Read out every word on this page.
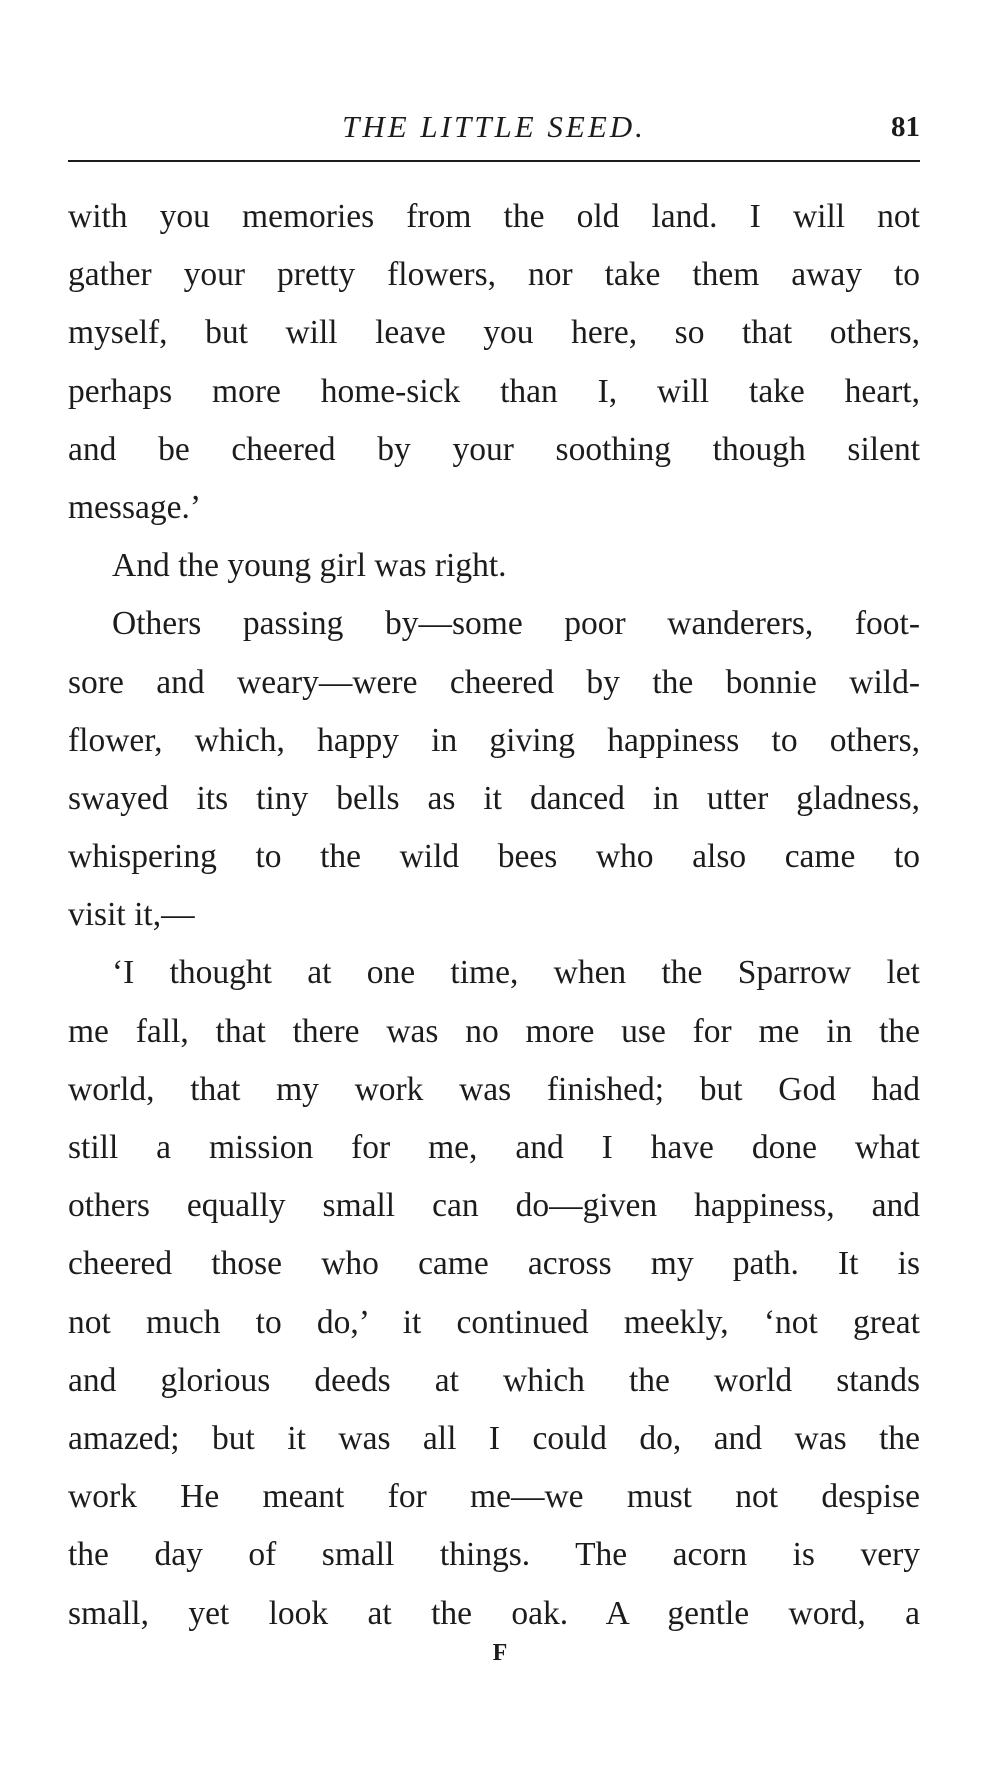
THE LITTLE SEED.	81
with you memories from the old land. I will not
gather your pretty flowers, nor take them away to
myself, but will leave you here, so that others,
perhaps more home-sick than I, will take heart,
and be cheered by your soothing though silent
message.’
And the young girl was right.
Others passing by—some poor wanderers, foot-
sore and weary—were cheered by the bonnie wild-
flower, which, happy in giving happiness to others,
swayed its tiny bells as it danced in utter gladness,
whispering to the wild bees who also came to
visit it,—
‘I thought at one time, when the Sparrow let
me fall, that there was no more use for me in the
world, that my work was finished; but God had
still a mission for me, and I have done what
others equally small can do—given happiness, and
cheered those who came across my path. It is
not much to do,’ it continued meekly, ‘not great
and glorious deeds at which the world stands
amazed; but it was all I could do, and was the
work He meant for me—we must not despise
the day of small things. The acorn is very
small, yet look at the oak. A gentle word, a
F
